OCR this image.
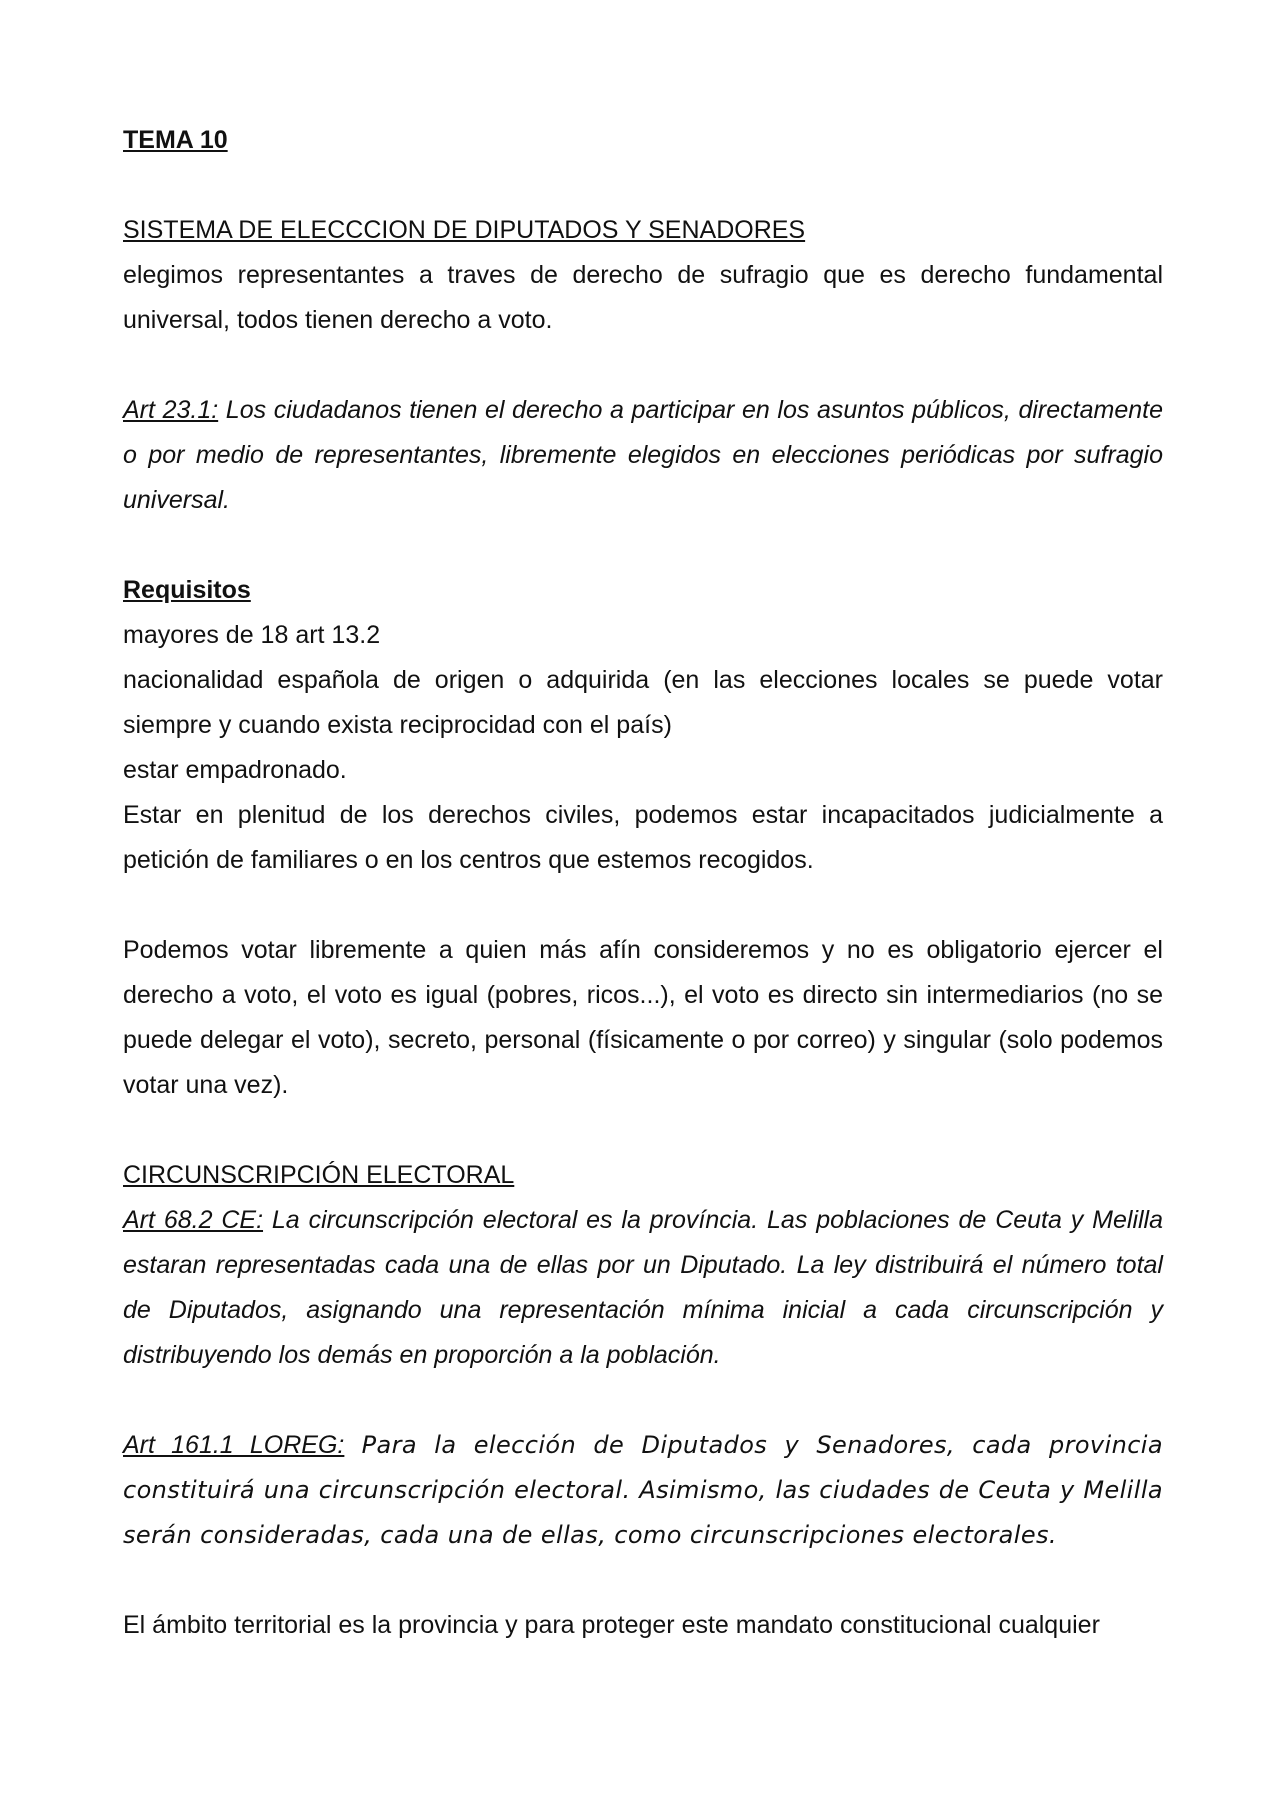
TEMA 10

SISTEMA DE ELECCCION DE DIPUTADOS Y SENADORES

elegimos representantes a traves de derecho de sufragio que es derecho fundamental universal, todos tienen derecho a voto.

Art 23.1: Los ciudadanos tienen el derecho a participar en los asuntos públicos, directamente o por medio de representantes, libremente elegidos en elecciones periódicas por sufragio universal.

Requisitos

mayores de 18 art 13.2

nacionalidad española de origen o adquirida (en las elecciones locales se puede votar siempre y cuando exista reciprocidad con el país)

estar empadronado.

Estar en plenitud de los derechos civiles, podemos estar incapacitados judicialmente a petición de familiares o en los centros que estemos recogidos.

Podemos votar libremente a quien más afín consideremos y no es obligatorio ejercer el derecho a voto, el voto es igual (pobres, ricos...), el voto es directo sin intermediarios (no se puede delegar el voto), secreto, personal (físicamente o por correo) y singular (solo podemos votar una vez).

CIRCUNSCRIPCIÓN ELECTORAL

Art 68.2 CE: La circunscripción electoral es la província. Las poblaciones de Ceuta y Melilla estaran representadas cada una de ellas por un Diputado. La ley distribuirá el número total de Diputados, asignando una representación mínima inicial a cada circunscripción y distribuyendo los demás en proporción a la población.

Art 161.1 LOREG: Para la elección de Diputados y Senadores, cada provincia constituirá una circunscripción electoral. Asimismo, las ciudades de Ceuta y Melilla serán consideradas, cada una de ellas, como circunscripciones electorales.

El ámbito territorial es la provincia y para proteger este mandato constitucional cualquier
